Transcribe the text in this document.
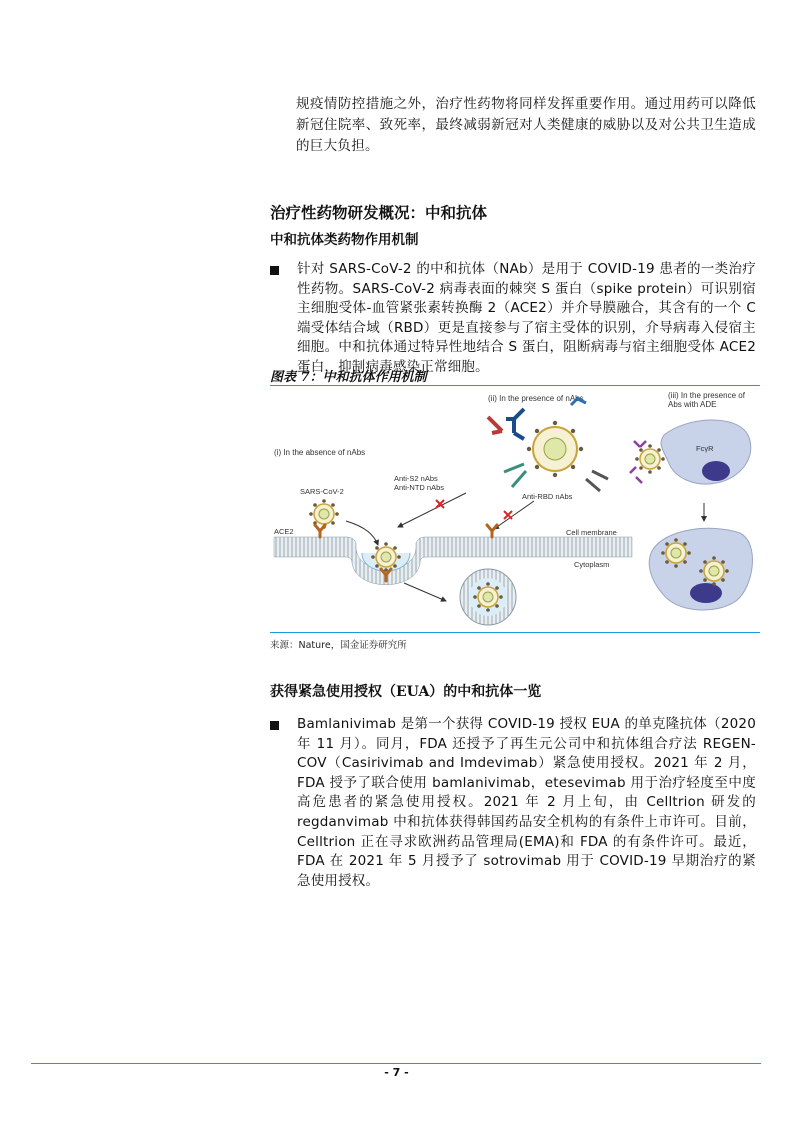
规疫情防控措施之外，治疗性药物将同样发挥重要作用。通过用药可以降低新冠住院率、致死率，最终减弱新冠对人类健康的威胁以及对公共卫生造成的巨大负担。
治疗性药物研发概况：中和抗体
中和抗体类药物作用机制

针对 SARS-CoV-2 的中和抗体（NAb）是用于 COVID-19 患者的一类治疗性药物。SARS-CoV-2 病毒表面的棘突 S 蛋白（spike protein）可识别宿主细胞受体-血管紧张素转换酶 2（ACE2）并介导膜融合，其含有的一个 C 端受体结合域（RBD）更是直接参与了宿主受体的识别，介导病毒入侵宿主细胞。中和抗体通过特异性地结合 S 蛋白，阻断病毒与宿主细胞受体 ACE2 蛋白，抑制病毒感染正常细胞。

图表 7：中和抗体作用机制
(i) In the absence of nAbs
(ii) In the presence of nAbs	(iii) In the presence of
Abs with ADE
Anti-S2 nAbs
Anti-NTD nAbs
Anti-RBD nAbs
SARS-CoV-2
ACE2	Cell membrane
Cytoplasm
FcγR
来源：Nature，国金证券研究所
获得紧急使用授权（EUA）的中和抗体一览

Bamlanivimab 是第一个获得 COVID-19 授权 EUA 的单克隆抗体（2020 年 11 月）。同月，FDA 还授予了再生元公司中和抗体组合疗法 REGEN-COV（Casirivimab and Imdevimab）紧急使用授权。2021 年 2 月，FDA 授予了联合使用 bamlanivimab，etesevimab 用于治疗轻度至中度高危患者的紧急使用授权。2021 年 2 月上旬，由 Celltrion 研发的 regdanvimab 中和抗体获得韩国药品安全机构的有条件上市许可。目前，Celltrion 正在寻求欧洲药品管理局(EMA)和 FDA 的有条件许可。最近，FDA 在 2021 年 5 月授予了 sotrovimab 用于 COVID-19 早期治疗的紧急使用授权。

- 7 -
